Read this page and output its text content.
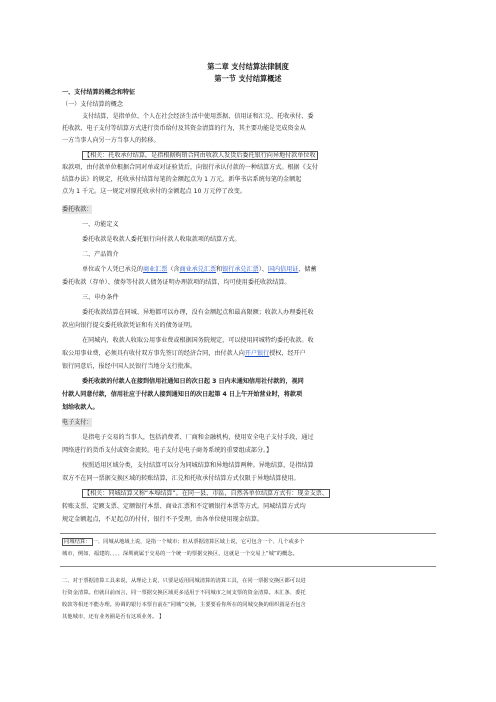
第二章 支付结算法律制度
第一节 支付结算概述
一、支付结算的概念和特征
（一）支付结算的概念
支付结算，是指单位、个人在社会经济生活中使用票据、信用证和汇兑、托收承付、委
托收款、电子支付等结算方式进行货币给付及其资金清算的行为，其主要功能是完成资金从
一方当事人向另一方当事人的转移。
【相关：托收承付结算，是指根据购销合同由收款人发货后委托银行向异地付款单位收
取款项，由付款单位根据合同对单或对证验货后，向银行承认付款的一种结算方式。根据《支付
结算办法》的规定，托收承付结算每笔的金额起点为 1 万元。新华书店系统每笔的金额起
点为 1 千元。这一规定对原托收承付的金额起点 10 万元停了改变。
委托收款：
一、功能定义
委托收款是收款人委托银行向付款人收取款项的结算方式。
二、产品简介
单位或个人凭已承兑的商业汇票（含商业承兑汇票和银行承兑汇票）、国内信用证、储蓄
委托收款（存单）、债券等付款人债务证明办理款项的结算，均可使用委托收款结算。
三、申办条件
委托收款结算在同城、异地都可以办理，没有金额起点和最高限额；收款人办理委托收
款应向银行提交委托收款凭证和有关的债务证明。
在同城内，收款人收取公用事业费或根据国务院规定，可以使用同城特约委托收款。收
取公用事业费，必须具有收付双方事先签订的经济合同，由付款人向开户银行授权，经开户
银行同意后，报经中国人民银行当地分支行批准。
委托收款的付款人在接到信用社通知日的次日起 3 日内未通知信用社付款的，视同
付款人同意付款，信用社应于付款人接到通知日的次日起第 4 日上午开始营业时，将款项
划给收款人。
电子支付：
是指电子交易的当事人，包括消费者、厂商和金融机构，使用安全电子支付手段，通过
网络进行的货币支付或资金流转。电子支付是电子商务系统的重要组成部分。】
按照适用区域分类，支付结算可以分为同城结算和异地结算两种。异地结算，是指结算
双方不在同一票据交换区域的转账结算，汇兑和托收承付结算方式仅限于异地结算使用。
【相关：同城结算又称“本埠结算”。在同一县、市區，自然各单位结算方式有：现金支票、
转账支票、定额支票、定额银行本票、商业汇票和不定额银行本票等方式。同城结算方式均
规定金额起点，不足起点的付付，银行不予受理，由各单位使用现金结算。
同城结算： 一、同城从地域上说，是指一个城市；但从票据清算区域上说，它可包含一个、几个或多个
城市，例如，福建的、、、、深圳就属于交易的一个统一的票据交换区，这就是一个交易上“城”的概念。
二、对于票据清算工具来说，从理论上说，只要是适用同城清算的清算工具，在同一票据交换区都可以进
行资金清算。但就目前而言，同一票据交换区域更多适用于不同城市之间支票的资金清算。本汇条、委托
收款等相还不能办理。协调的银行本票自前在“同城”交换，主要要看你所在的同城交换的组织圆是否包含
其他城市，还有业务圈是否有这项业务。 】
